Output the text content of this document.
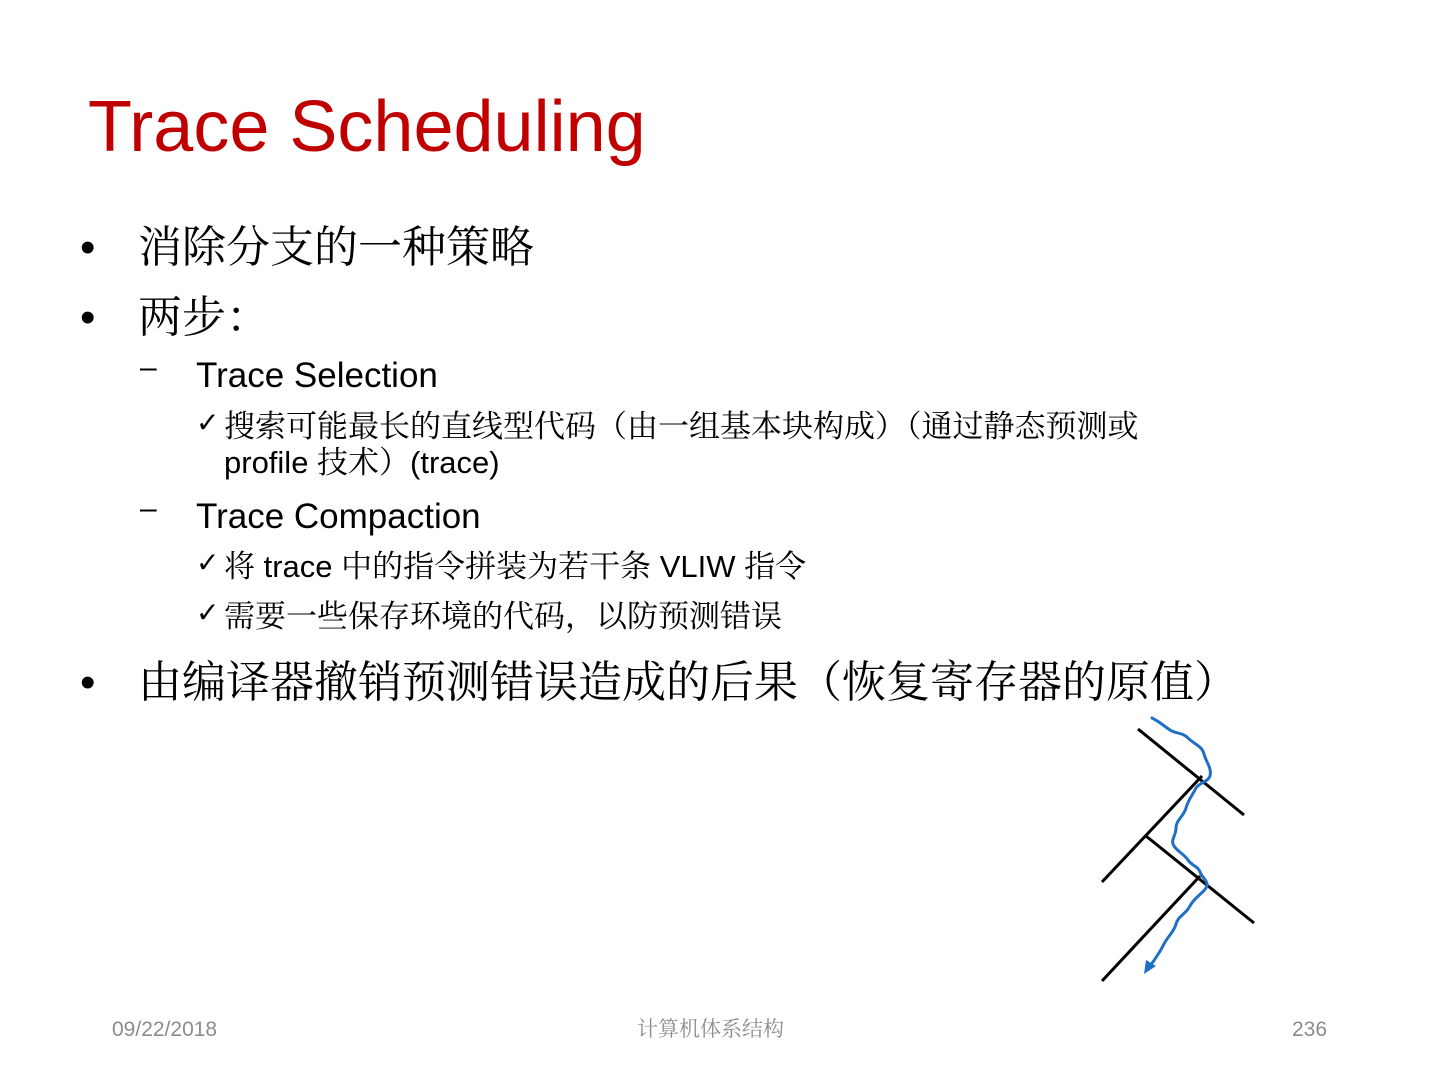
Trace Scheduling
• 消除分支的一种策略
• 两步：
– Trace Selection
✓ 搜索可能最长的直线型代码（由一组基本块构成）（通过静态预测或
profile 技术）(trace)
– Trace Compaction
✓ 将 trace 中的指令拼装为若干条 VLIW 指令
✓ 需要一些保存环境的代码，以防预测错误
• 由编译器撤销预测错误造成的后果（恢复寄存器的原值）
09/22/2018	计算机体系结构	236
